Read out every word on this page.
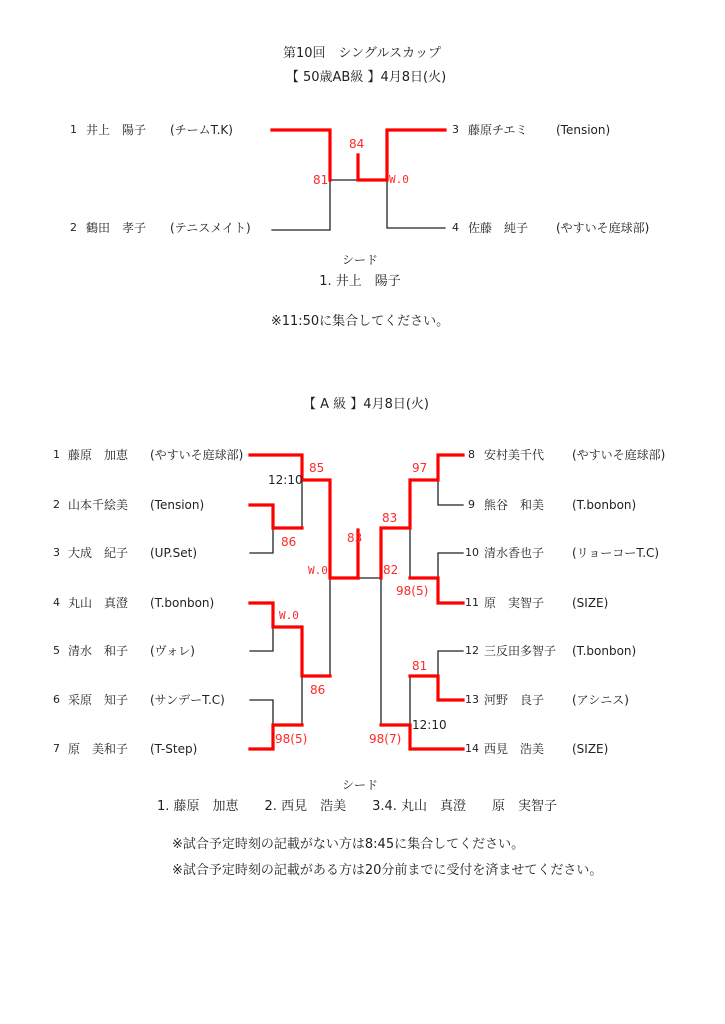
第10回　シングルスカップ
【 50歳AB級 】4月8日(火)
1 井上　陽子 (チームT.K)
2 鶴田　孝子 (テニスメイト)
3 藤原チエミ (Tension)
4 佐藤　純子 (やすいそ庭球部)
81
84
W.0
シード
1. 井上　陽子
※11:50に集合してください。
【 A 級 】4月8日(火)
1 藤原　加恵 (やすいそ庭球部)
2 山本千絵美 (Tension)
3 大成　紀子 (UP.Set)
4 丸山　真澄 (T.bonbon)
5 清水　和子 (ヴォレ)
6 采原　知子 (サンデーT.C)
7 原　美和子 (T-Step)
8 安村美千代 (やすいそ庭球部)
9 熊谷　和美 (T.bonbon)
10 清水香也子 (リョーコーT.C)
11 原　実智子 (SIZE)
12 三反田多智子 (T.bonbon)
13 河野　良子 (アシニス)
14 西見　浩美 (SIZE)
85
12:10
86
W.0
W.0
86
98(5)
83
82
83
97
98(5)
81
12:10
98(7)
シード
1. 藤原　加恵　　2. 西見　浩美　　3.4. 丸山　真澄　　原　実智子
※試合予定時刻の記載がない方は8:45に集合してください。
※試合予定時刻の記載がある方は20分前までに受付を済ませてください。
